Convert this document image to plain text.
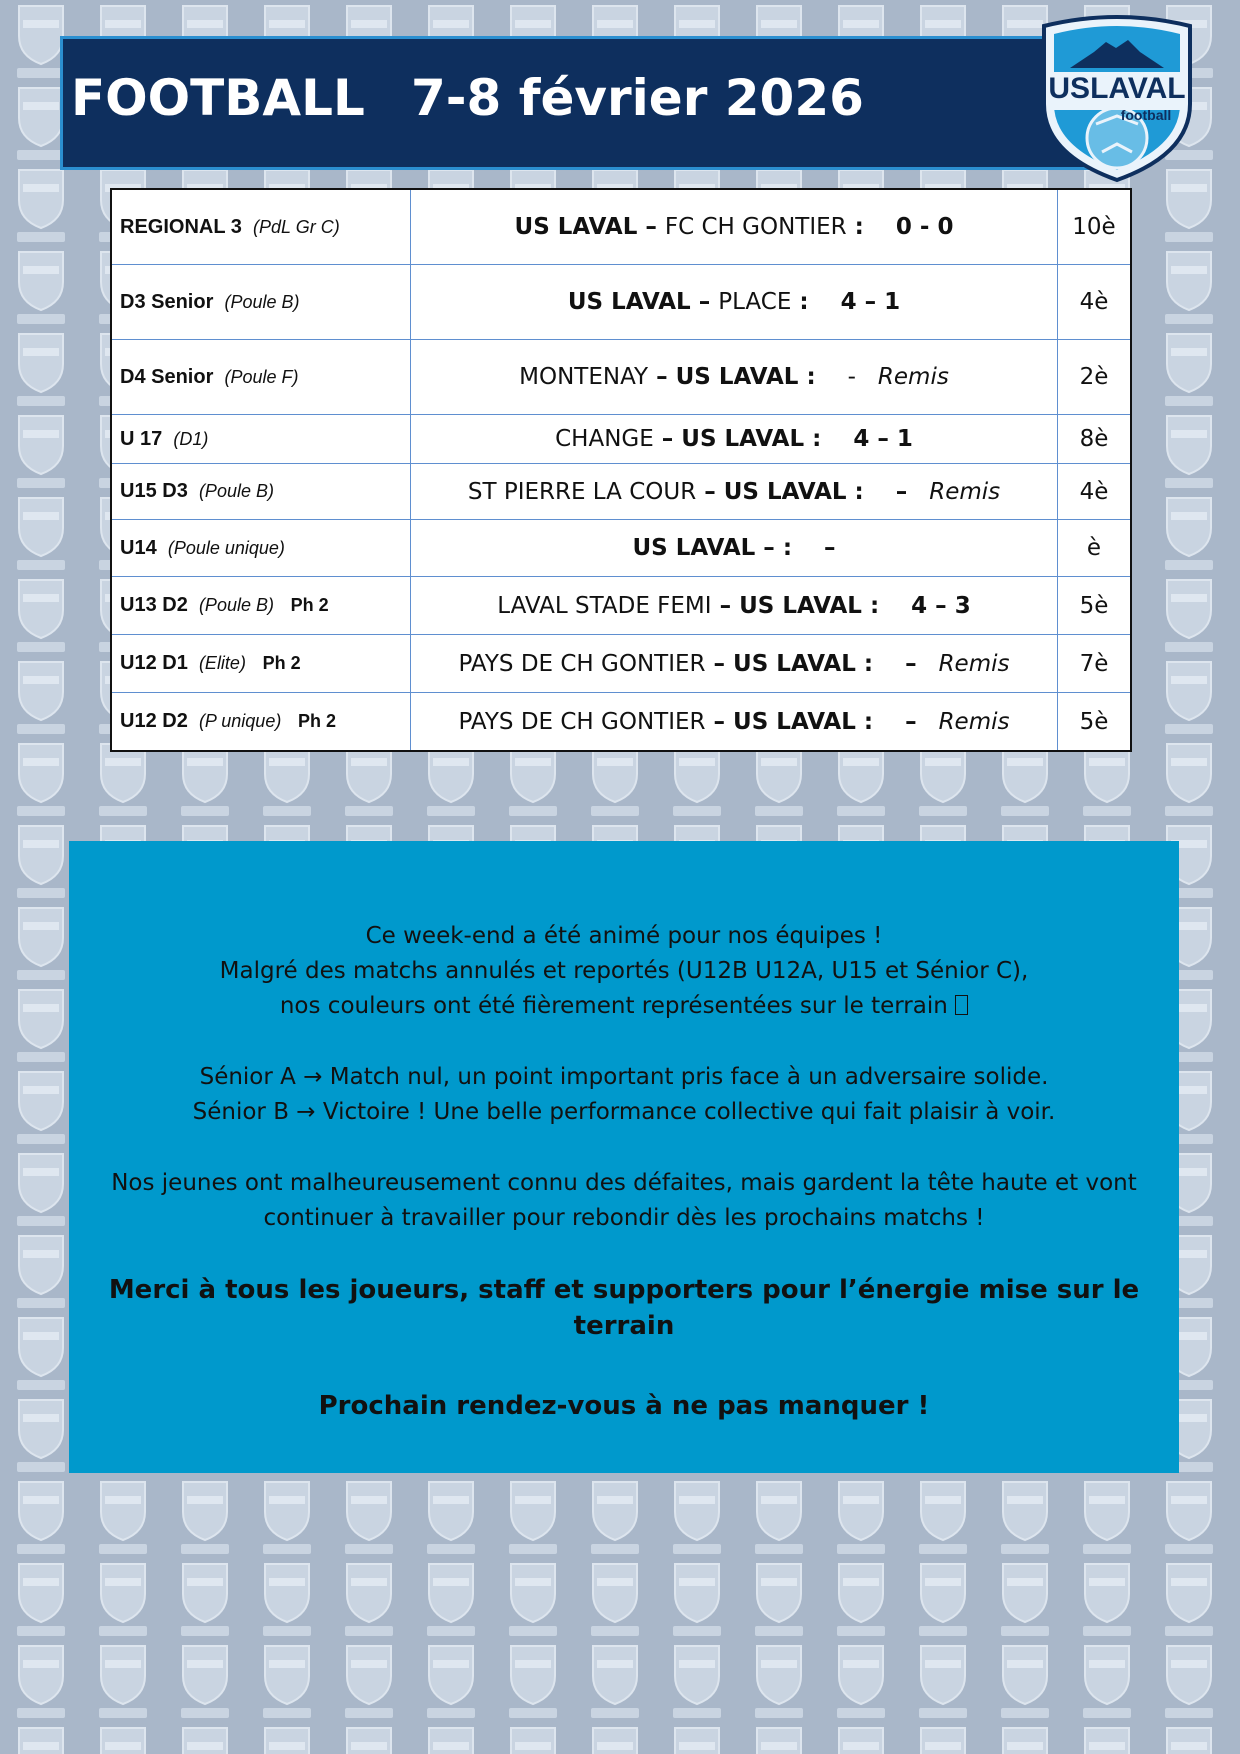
FOOTBALL 7-8 février 2026	USLAVAL
football
REGIONAL 3 (PdL Gr C)	US LAVAL – FC CH GONTIER :    0 - 0	10è
D3 Senior (Poule B)	US LAVAL – PLACE :    4 – 1	4è
D4 Senior (Poule F)	MONTENAY – US LAVAL :    - Remis	2è
U 17 (D1)	CHANGE – US LAVAL :    4 – 1	8è
U15 D3 (Poule B)	ST PIERRE LA COUR – US LAVAL :    – Remis	4è
U14 (Poule unique)	US LAVAL – :    –	è
U13 D2 (Poule B) Ph 2	LAVAL STADE FEMI – US LAVAL :    4 – 3	5è
U12 D1 (Elite) Ph 2	PAYS DE CH GONTIER – US LAVAL :    – Remis	7è
U12 D2 (P unique) Ph 2	PAYS DE CH GONTIER – US LAVAL :    – Remis	5è

Ce week-end a été animé pour nos équipes !

Malgré des matchs annulés et reportés (U12B U12A, U15 et Sénior C),

nos couleurs ont été fièrement représentées sur le terrain

Sénior A → Match nul, un point important pris face à un adversaire solide.

Sénior B → Victoire ! Une belle performance collective qui fait plaisir à voir.

Nos jeunes ont malheureusement connu des défaites, mais gardent la tête haute et vont

continuer à travailler pour rebondir dès les prochains matchs !

Merci à tous les joueurs, staff et supporters pour l’énergie mise sur le terrain

Prochain rendez-vous à ne pas manquer !
